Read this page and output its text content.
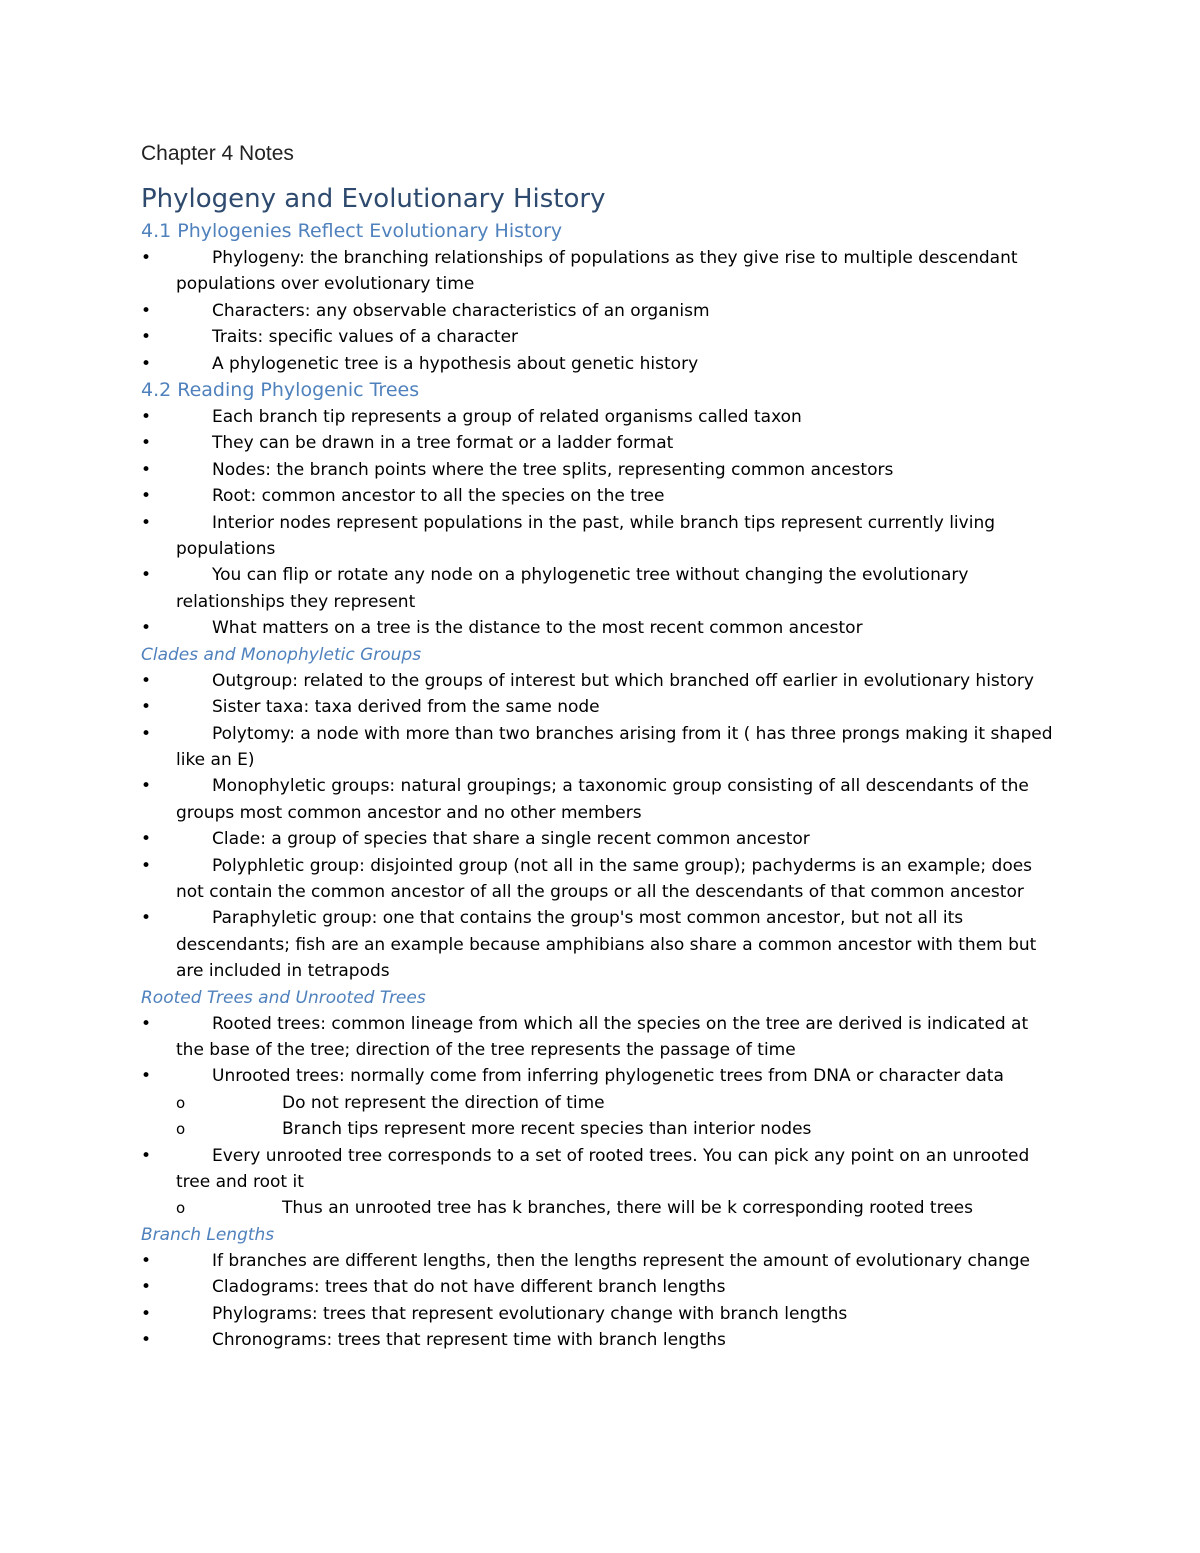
Chapter 4 Notes
Phylogeny and Evolutionary History
4.1 Phylogenies Reflect Evolutionary History
•	Phylogeny: the branching relationships of populations as they give rise to multiple descendant populations over evolutionary time
•	Characters: any observable characteristics of an organism
•	Traits: specific values of a character
•	A phylogenetic tree is a hypothesis about genetic history
4.2 Reading Phylogenic Trees
•	Each branch tip represents a group of related organisms called taxon
•	They can be drawn in a tree format or a ladder format
•	Nodes: the branch points where the tree splits, representing common ancestors
•	Root: common ancestor to all the species on the tree
•	Interior nodes represent populations in the past, while branch tips represent currently living populations
•	You can flip or rotate any node on a phylogenetic tree without changing the evolutionary relationships they represent
•	What matters on a tree is the distance to the most recent common ancestor
Clades and Monophyletic Groups
•	Outgroup: related to the groups of interest but which branched off earlier in evolutionary history
•	Sister taxa: taxa derived from the same node
•	Polytomy: a node with more than two branches arising from it ( has three prongs making it shaped like an E)
•	Monophyletic groups: natural groupings; a taxonomic group consisting of all descendants of the groups most common ancestor and no other members
•	Clade: a group of species that share a single recent common ancestor
•	Polyphletic group: disjointed group (not all in the same group); pachyderms is an example; does not contain the common ancestor of all the groups or all the descendants of that common ancestor
•	Paraphyletic group: one that contains the group's most common ancestor, but not all its descendants; fish are an example because amphibians also share a common ancestor with them but are included in tetrapods
Rooted Trees and Unrooted Trees
•	Rooted trees: common lineage from which all the species on the tree are derived is indicated at the base of the tree; direction of the tree represents the passage of time
•	Unrooted trees: normally come from inferring phylogenetic trees from DNA or character data
o	Do not represent the direction of time
o	Branch tips represent more recent species than interior nodes
•	Every unrooted tree corresponds to a set of rooted trees. You can pick any point on an unrooted tree and root it
o	Thus an unrooted tree has k branches, there will be k corresponding rooted trees
Branch Lengths
•	If branches are different lengths, then the lengths represent the amount of evolutionary change
•	Cladograms: trees that do not have different branch lengths
•	Phylograms: trees that represent evolutionary change with branch lengths
•	Chronograms: trees that represent time with branch lengths
